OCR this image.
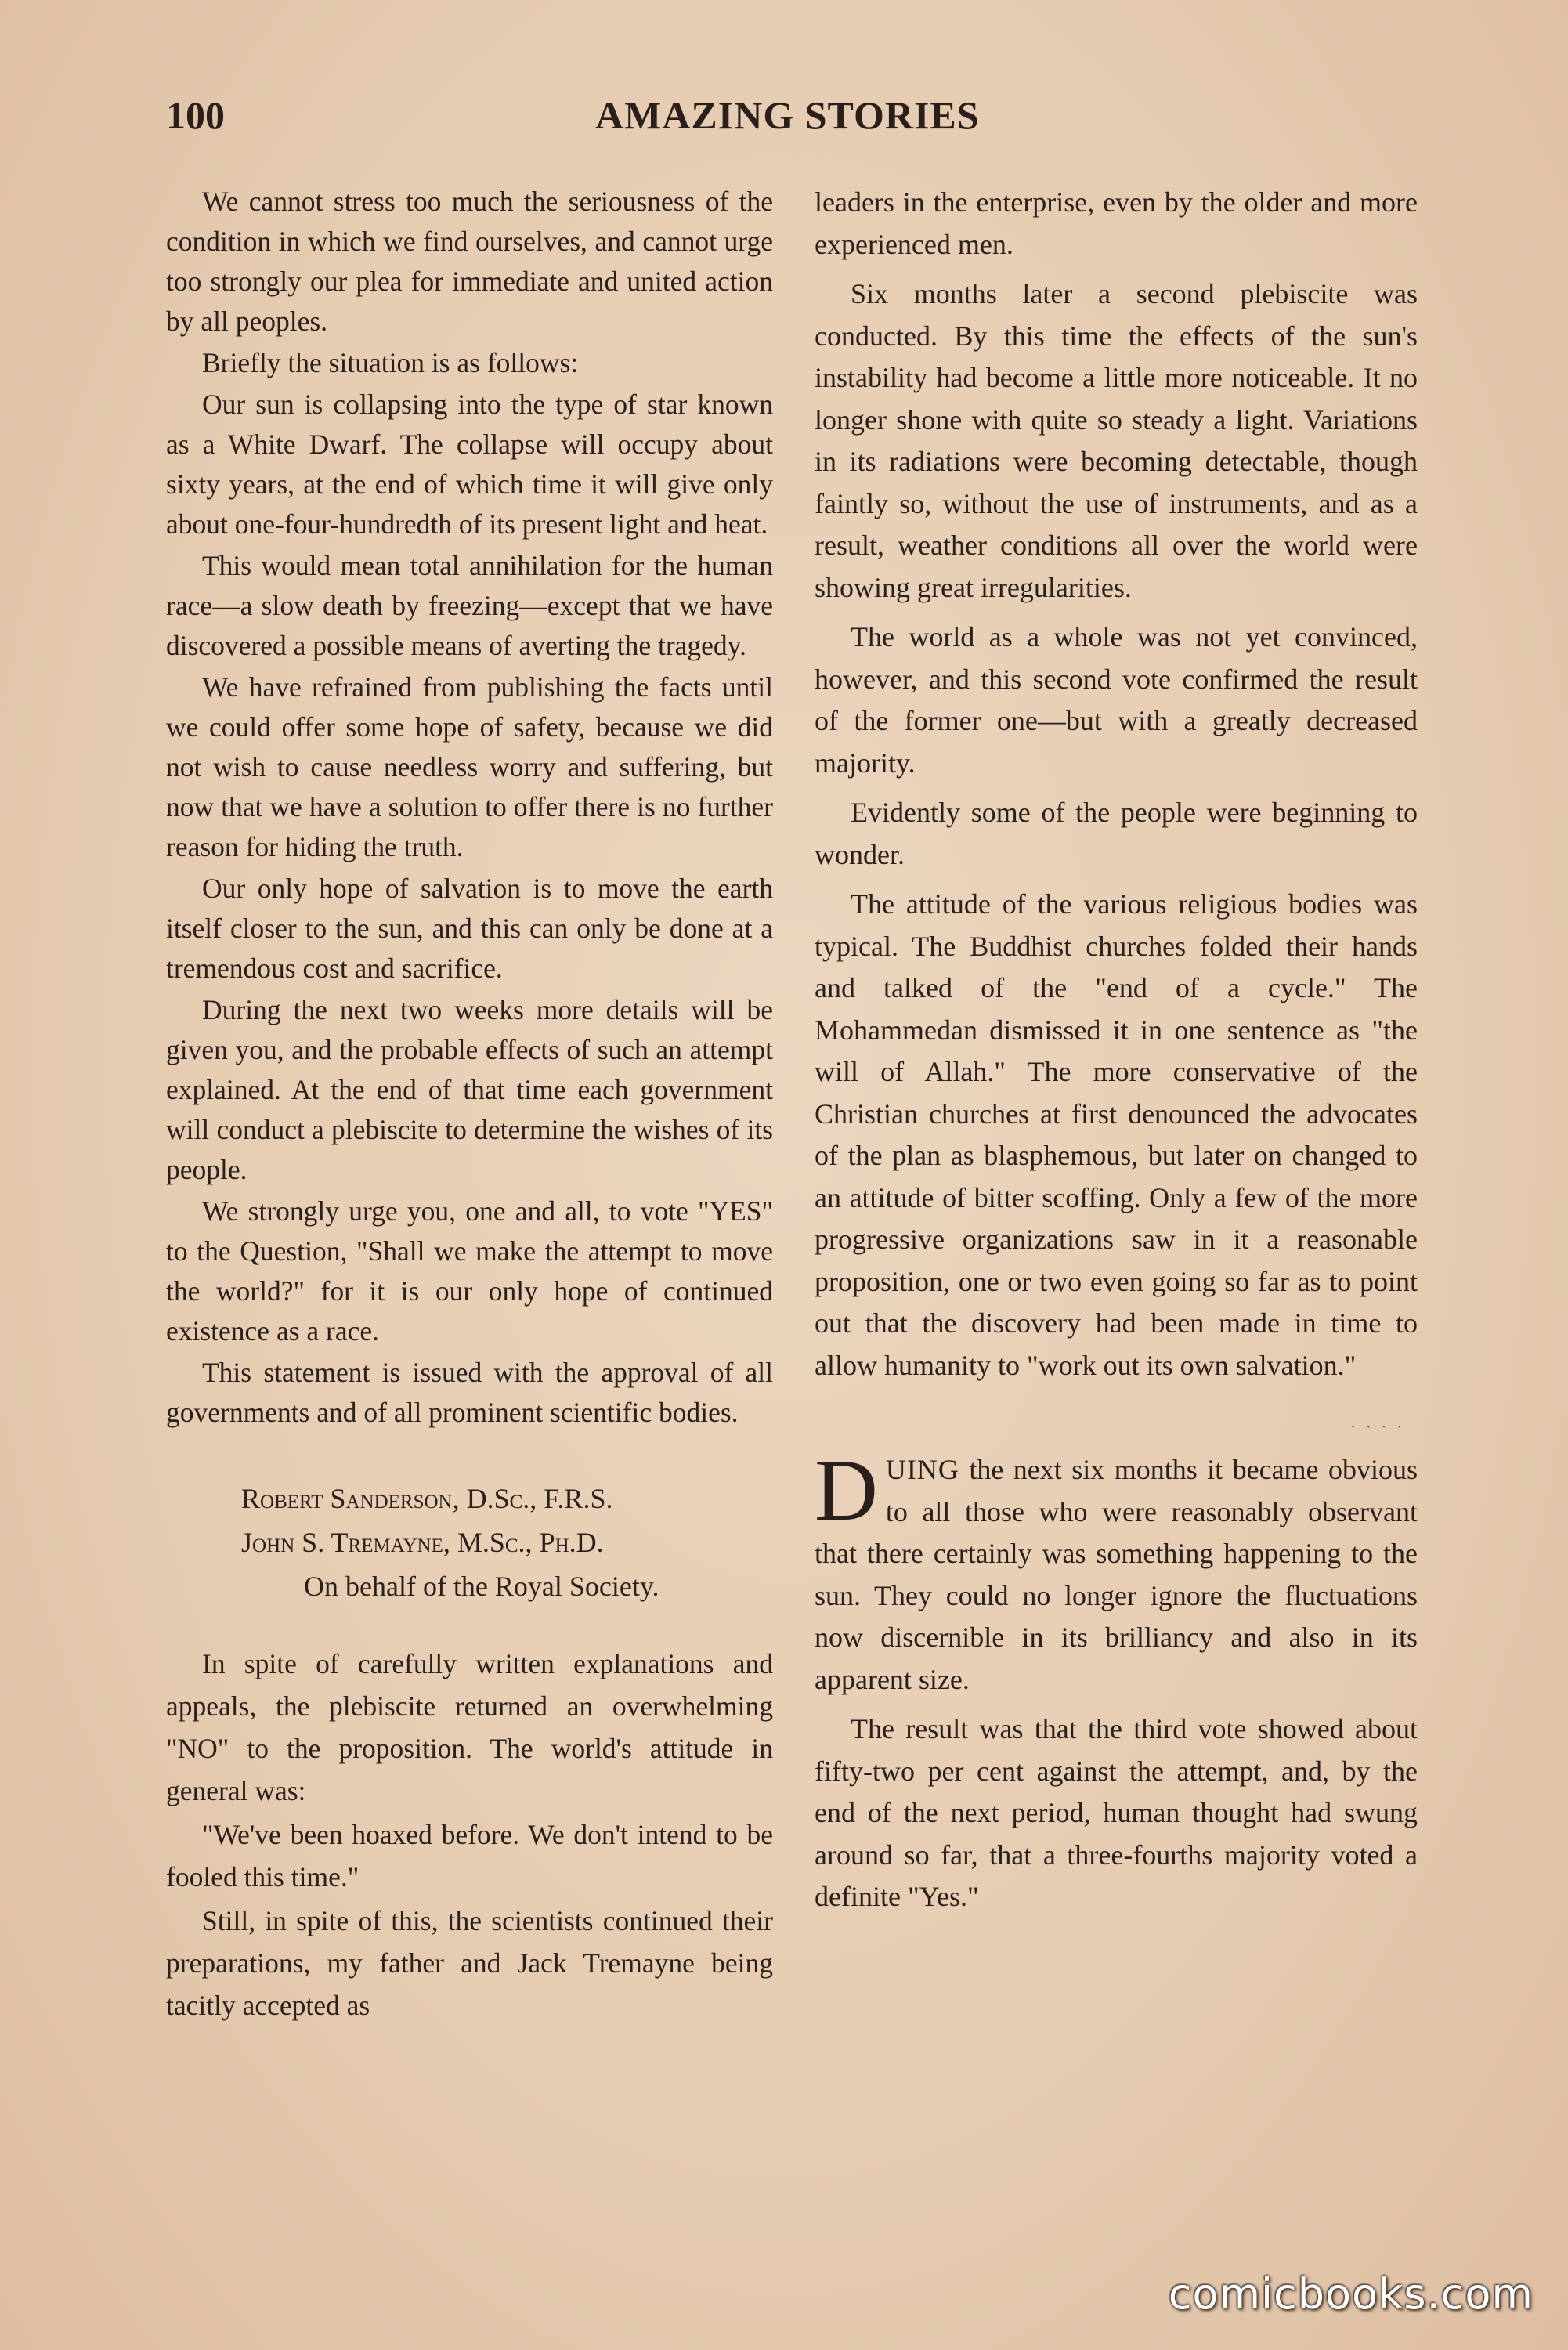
100	AMAZING STORIES

We cannot stress too much the seriousness of the condition in which we find ourselves, and cannot urge too strongly our plea for immediate and united action by all peoples.

Briefly the situation is as follows:

Our sun is collapsing into the type of star known as a White Dwarf. The collapse will occupy about sixty years, at the end of which time it will give only about one-four-hundredth of its present light and heat.

This would mean total annihilation for the human race—a slow death by freezing—except that we have discovered a possible means of averting the tragedy.

We have refrained from publishing the facts until we could offer some hope of safety, because we did not wish to cause needless worry and suffering, but now that we have a solution to offer there is no further reason for hiding the truth.

Our only hope of salvation is to move the earth itself closer to the sun, and this can only be done at a tremendous cost and sacrifice.

During the next two weeks more details will be given you, and the probable effects of such an attempt explained. At the end of that time each government will conduct a plebiscite to determine the wishes of its people.

We strongly urge you, one and all, to vote "YES" to the Question, "Shall we make the attempt to move the world?" for it is our only hope of continued existence as a race.

This statement is issued with the approval of all governments and of all prominent scientific bodies.

Robert Sanderson, D.Sc., F.R.S.
John S. Tremayne, M.Sc., Ph.D.
On behalf of the Royal Society.

In spite of carefully written explanations and appeals, the plebiscite returned an overwhelming "NO" to the proposition. The world's attitude in general was:

"We've been hoaxed before. We don't intend to be fooled this time."

Still, in spite of this, the scientists continued their preparations, my father and Jack Tremayne being tacitly accepted as

leaders in the enterprise, even by the older and more experienced men.

Six months later a second plebiscite was conducted. By this time the effects of the sun's instability had become a little more noticeable. It no longer shone with quite so steady a light. Variations in its radiations were becoming detectable, though faintly so, without the use of instruments, and as a result, weather conditions all over the world were showing great irregularities.

The world as a whole was not yet convinced, however, and this second vote confirmed the result of the former one—but with a greatly decreased majority.

Evidently some of the people were beginning to wonder.

The attitude of the various religious bodies was typical. The Buddhist churches folded their hands and talked of the "end of a cycle." The Mohammedan dismissed it in one sentence as "the will of Allah." The more conservative of the Christian churches at first denounced the advocates of the plan as blasphemous, but later on changed to an attitude of bitter scoffing. Only a few of the more progressive organizations saw in it a reasonable proposition, one or two even going so far as to point out that the discovery had been made in time to allow humanity to "work out its own salvation."

· · · ·

DUING the next six months it became obvious to all those who were reasonably observant that there certainly was something happening to the sun. They could no longer ignore the fluctuations now discernible in its brilliancy and also in its apparent size.

The result was that the third vote showed about fifty-two per cent against the attempt, and, by the end of the next period, human thought had swung around so far, that a three-fourths majority voted a definite "Yes."

comicbooks.com
